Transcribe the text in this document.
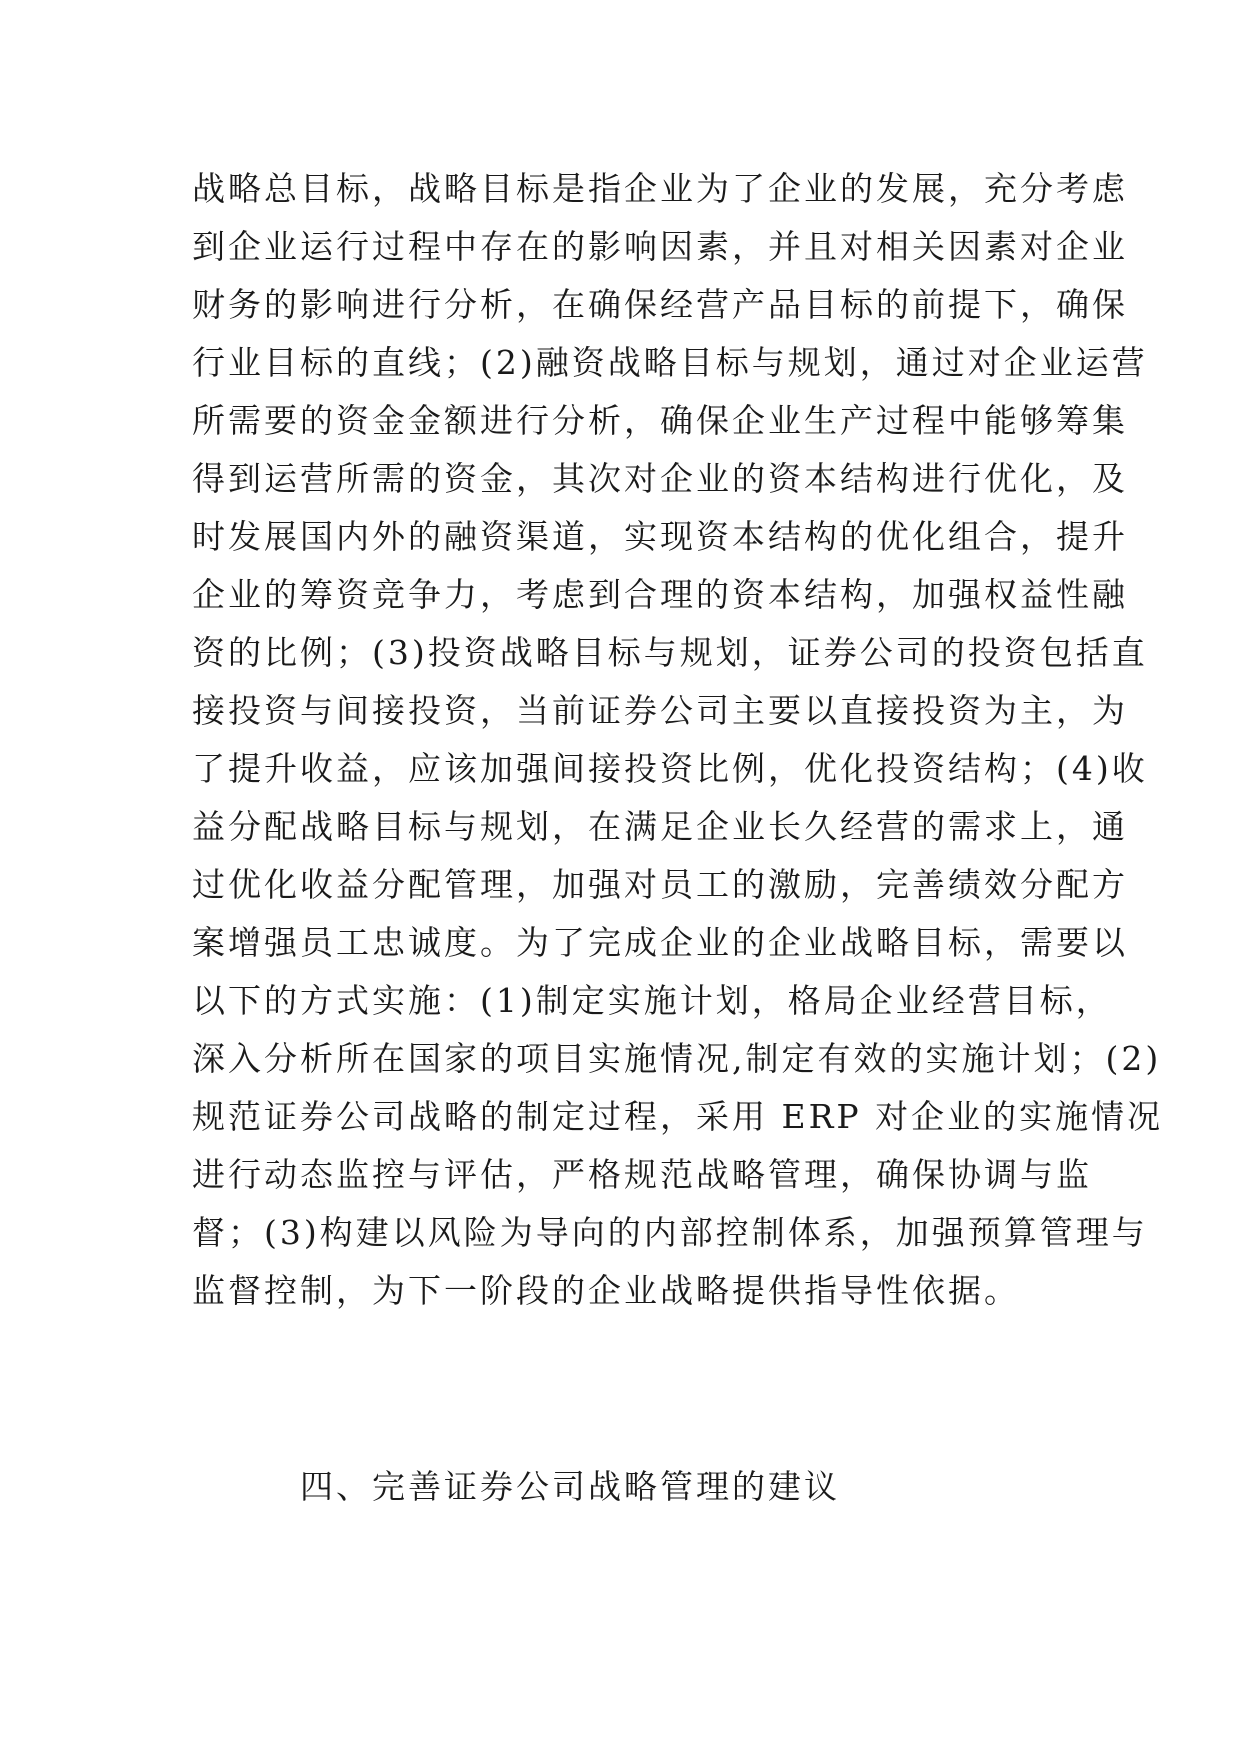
战略总目标，战略目标是指企业为了企业的发展，充分考虑
到企业运行过程中存在的影响因素，并且对相关因素对企业
财务的影响进行分析，在确保经营产品目标的前提下，确保
行业目标的直线；(2)融资战略目标与规划，通过对企业运营
所需要的资金金额进行分析，确保企业生产过程中能够筹集
得到运营所需的资金，其次对企业的资本结构进行优化，及
时发展国内外的融资渠道，实现资本结构的优化组合，提升
企业的筹资竞争力，考虑到合理的资本结构，加强权益性融
资的比例；(3)投资战略目标与规划，证券公司的投资包括直
接投资与间接投资，当前证券公司主要以直接投资为主，为
了提升收益，应该加强间接投资比例，优化投资结构；(4)收
益分配战略目标与规划，在满足企业长久经营的需求上，通
过优化收益分配管理，加强对员工的激励，完善绩效分配方
案增强员工忠诚度。为了完成企业的企业战略目标，需要以
以下的方式实施：(1)制定实施计划，格局企业经营目标，
深入分析所在国家的项目实施情况,制定有效的实施计划；(2)
规范证券公司战略的制定过程，采用 ERP 对企业的实施情况
进行动态监控与评估，严格规范战略管理，确保协调与监
督；(3)构建以风险为导向的内部控制体系，加强预算管理与
监督控制，为下一阶段的企业战略提供指导性依据。
四、完善证券公司战略管理的建议
